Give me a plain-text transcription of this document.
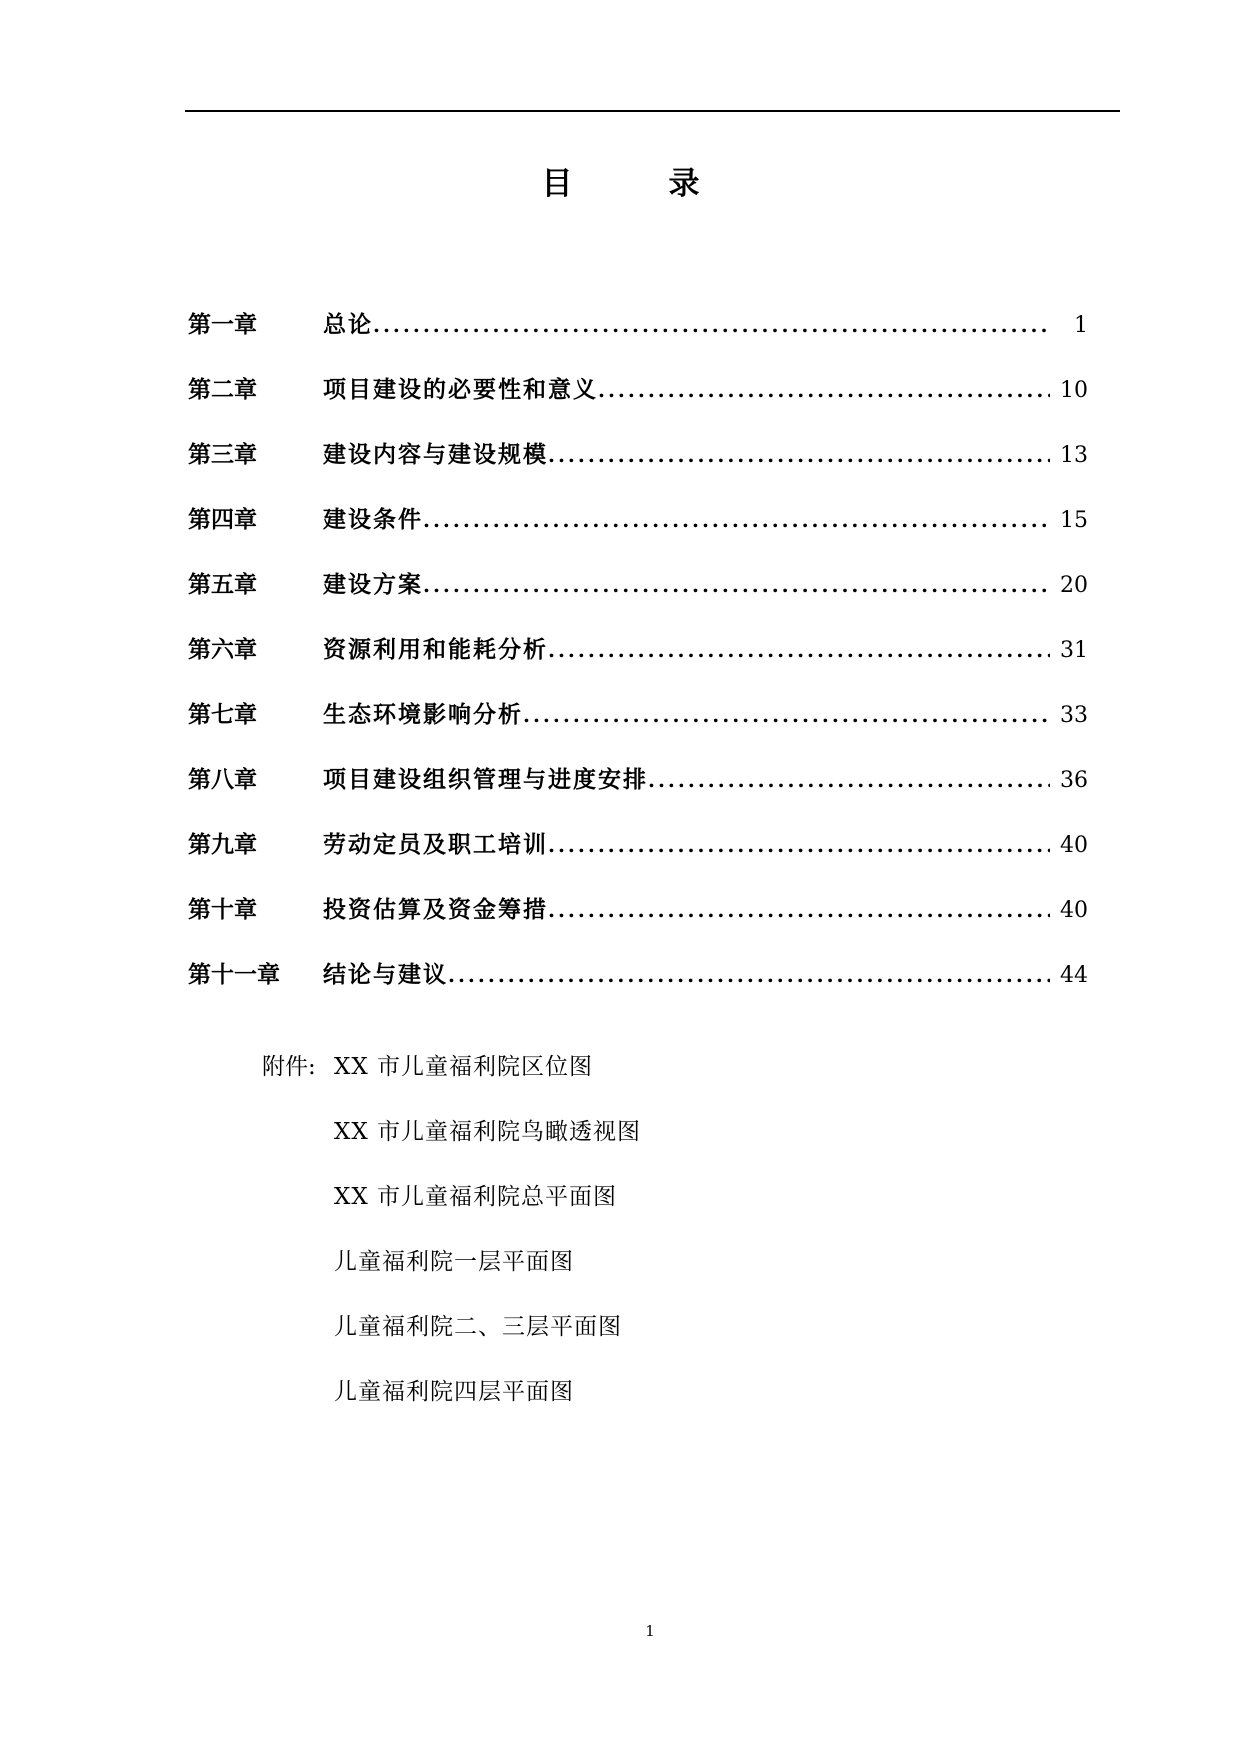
目	录
第一章	总论 .....	1
第二章	项目建设的必要性和意义 .....	10
第三章	建设内容与建设规模 .....	13
第四章	建设条件 .....	15
第五章	建设方案 .....	20
第六章	资源利用和能耗分析 .....	31
第七章	生态环境影响分析 .....	33
第八章	项目建设组织管理与进度安排 .....	36
第九章	劳动定员及职工培训 .....	40
第十章	投资估算及资金筹措 .....	40
第十一章	结论与建议 .....	44
附件: XX 市儿童福利院区位图
XX 市儿童福利院鸟瞰透视图
XX 市儿童福利院总平面图
儿童福利院一层平面图
儿童福利院二、三层平面图
儿童福利院四层平面图
1
